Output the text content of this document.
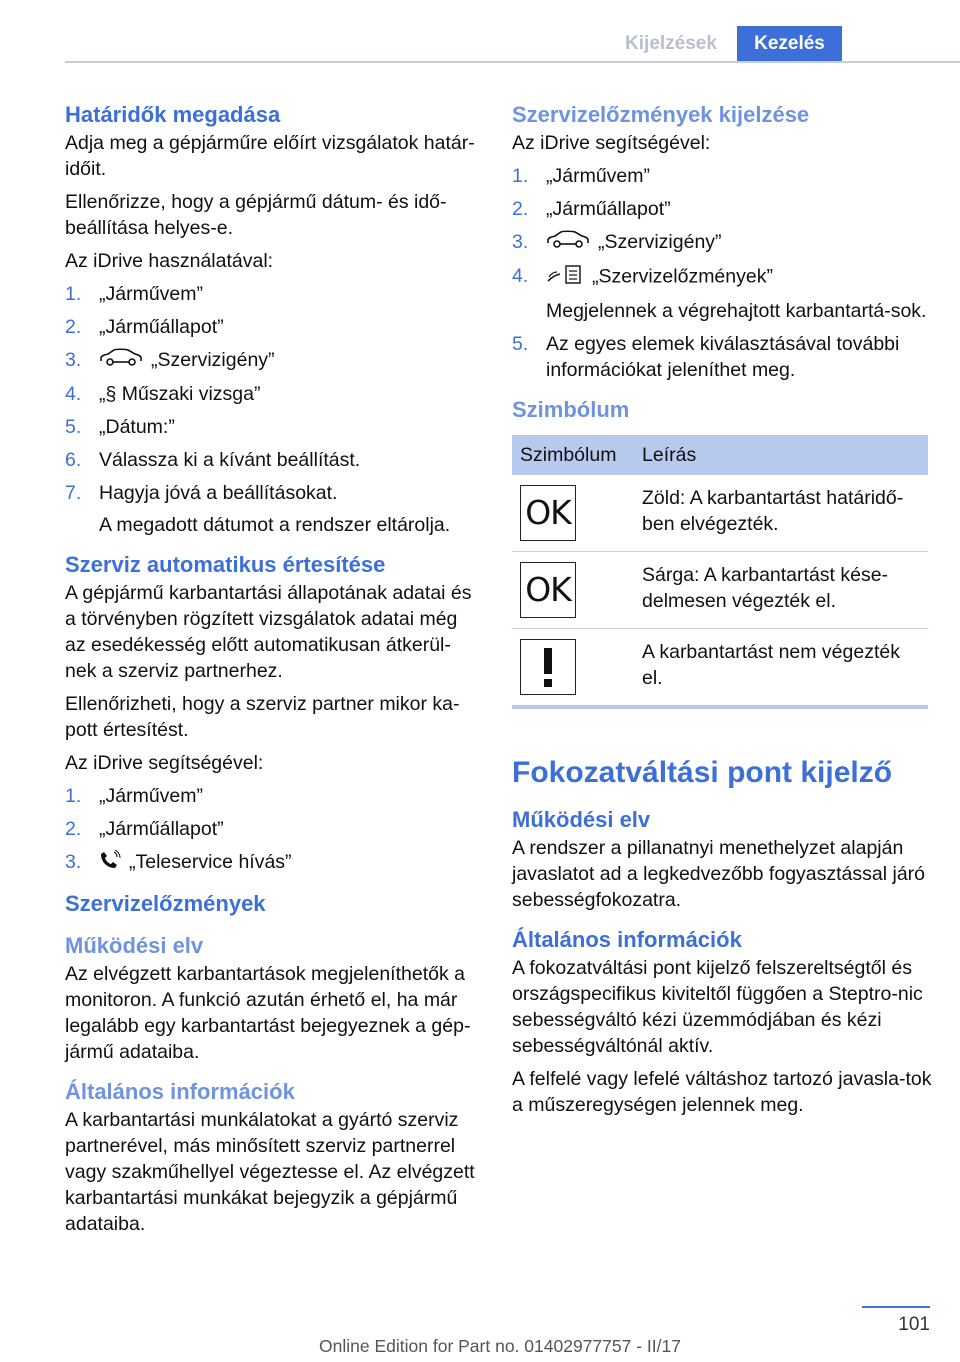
Kijelzések	Kezelés
Határidők megadása

Adja meg a gépjárműre előírt vizsgálatok határ-időit.

Ellenőrizze, hogy a gépjármű dátum- és idő-beállítása helyes-e.

Az iDrive használatával:

1. „Járművem”
2. „Járműállapot”
3.	„Szervizigény”
4. „§ Műszaki vizsga”
5. „Dátum:”
6. Válassza ki a kívánt beállítást.
7. Hagyja jóvá a beállításokat.
A megadott dátumot a rendszer eltárolja.
Szerviz automatikus értesítése

A gépjármű karbantartási állapotának adatai és a törvényben rögzített vizsgálatok adatai még az esedékesség előtt automatikusan átkerül-nek a szerviz partnerhez.

Ellenőrizheti, hogy a szerviz partner mikor ka-pott értesítést.

Az iDrive segítségével:

1. „Járművem”
2. „Járműállapot”
3. „Teleservice hívás”
Szervizelőzmények
Működési elv

Az elvégzett karbantartások megjeleníthetők a monitoron. A funkció azután érhető el, ha már legalább egy karbantartást bejegyeznek a gép-jármű adataiba.

Általános információk

A karbantartási munkálatokat a gyártó szerviz partnerével, más minősített szerviz partnerrel vagy szakműhellyel végeztesse el. Az elvégzett karbantartási munkákat bejegyzik a gépjármű adataiba.

Szervizelőzmények kijelzése

Az iDrive segítségével:

1. „Járművem”
2. „Járműállapot”
3.	„Szervizigény”
4.	„Szervizelőzmények”
Megjelennek a végrehajtott karbantartá-sok.
5. Az egyes elemek kiválasztásával további információkat jeleníthet meg.
Szimbólum
Szimbólum	Leírás

OK	Zöld: A karbantartást határidő-ben elvégezték.

OK	Sárga: A karbantartást kése-delmesen végezték el.

	A karbantartást nem végezték el.
Fokozatváltási pont kijelző
Működési elv

A rendszer a pillanatnyi menethelyzet alapján javaslatot ad a legkedvezőbb fogyasztással járó sebességfokozatra.

Általános információk

A fokozatváltási pont kijelző felszereltségtől és országspecifikus kiviteltől függően a Steptro-nic sebességváltó kézi üzemmódjában és kézi sebességváltónál aktív.

A felfelé vagy lefelé váltáshoz tartozó javasla-tok a műszeregységen jelennek meg.

101
Online Edition for Part no. 01402977757 - II/17
